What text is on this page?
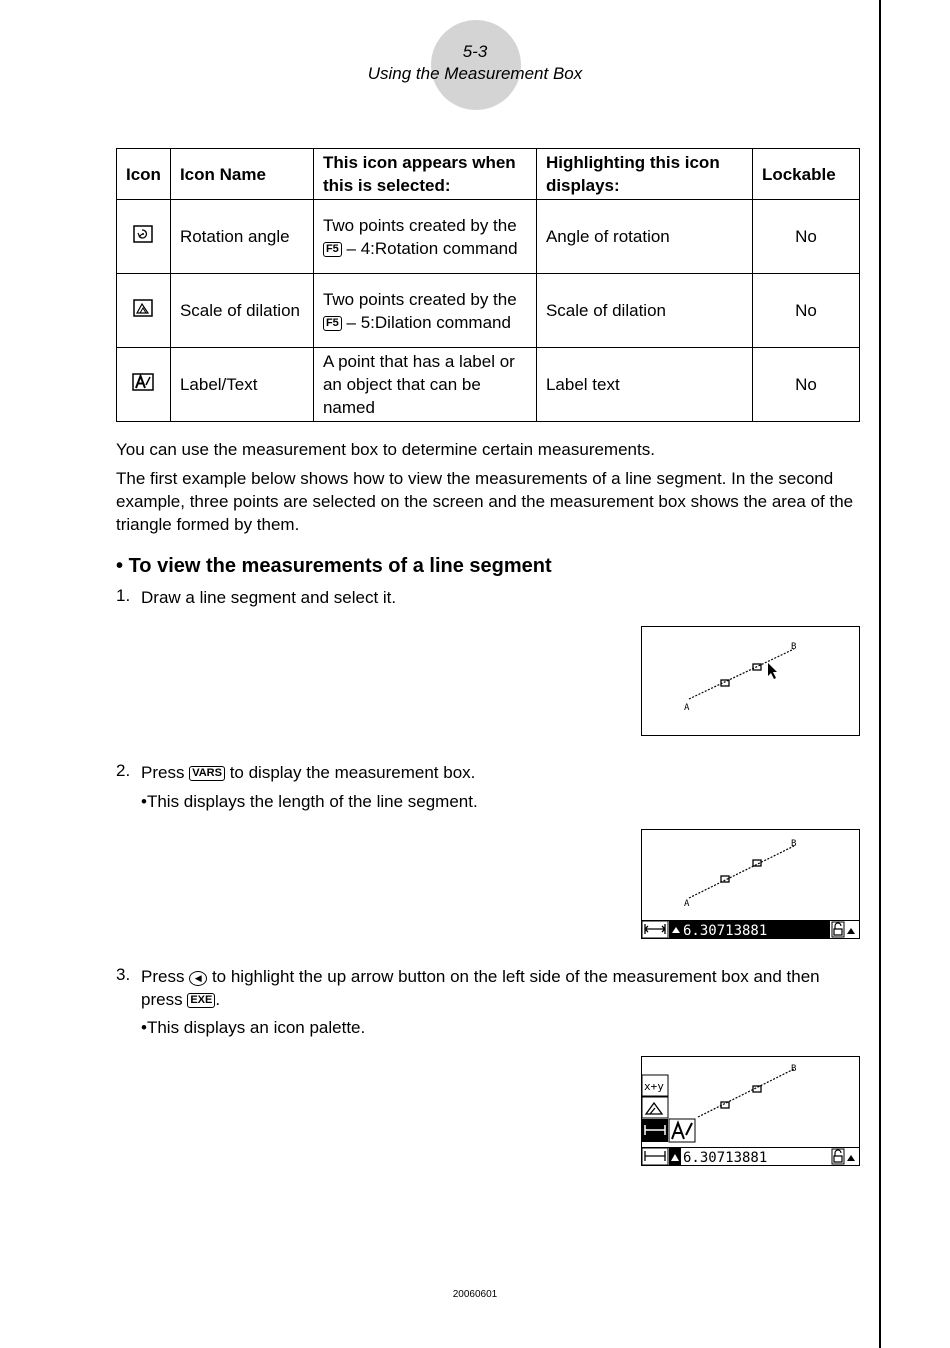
5-3
Using the Measurement Box
Icon	Icon Name	This icon appears when this is selected:	Highlighting this icon displays:	Lockable
	Rotation angle	Two points created by the F5 – 4:Rotation command	Angle of rotation	No
	Scale of dilation	Two points created by the F5 – 5:Dilation command	Scale of dilation	No
	Label/Text	A point that has a label or an object that can be named	Label text	No
You can use the measurement box to determine certain measurements.
The first example below shows how to view the measurements of a line segment. In the second example, three points are selected on the screen and the measurement box shows the area of the triangle formed by them.
• To view the measurements of a line segment
1. Draw a line segment and select it.
A
B
2. Press VARS to display the measurement box.
•This displays the length of the line segment.
A
B
6.30713881
3. Press ◀ to highlight the up arrow button on the left side of the measurement box and then press EXE .
•This displays an icon palette.
B
x+y
6.30713881
20060601
